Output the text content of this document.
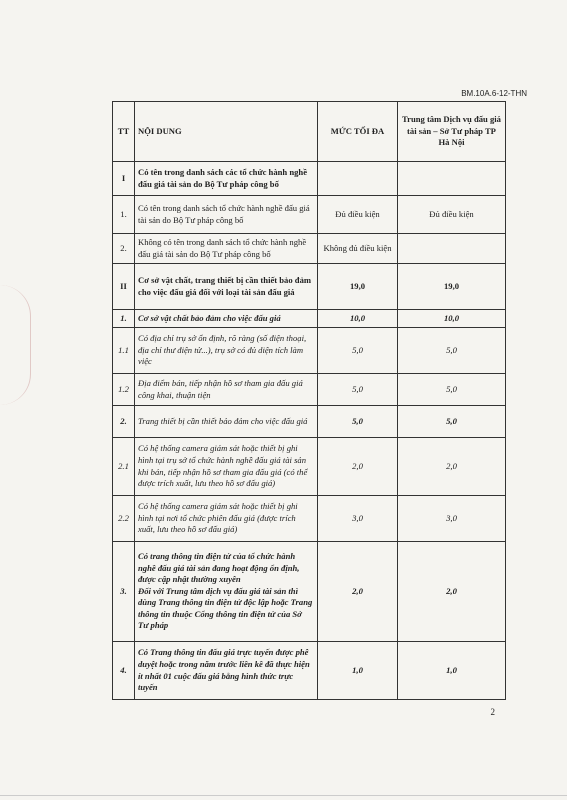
BM.10A.6-12-THN
TT	NỘI DUNG	MỨC TỐI ĐA	Trung tâm Dịch vụ đấu giá tài sản – Sở Tư pháp TP Hà Nội
I	Có tên trong danh sách các tổ chức hành nghề đấu giá tài sản do Bộ Tư pháp công bố		
1.	Có tên trong danh sách tổ chức hành nghề đấu giá tài sản do Bộ Tư pháp công bố	Đủ điều kiện	Đủ điều kiện
2.	Không có tên trong danh sách tổ chức hành nghề đấu giá tài sản do Bộ Tư pháp công bố	Không đủ điều kiện	
II	Cơ sở vật chất, trang thiết bị cần thiết bảo đảm cho việc đấu giá đối với loại tài sản đấu giá	19,0	19,0
1.	Cơ sở vật chất bảo đảm cho việc đấu giá	10,0	10,0
1.1	Có địa chỉ trụ sở ổn định, rõ ràng (số điện thoại, địa chỉ thư điện tử...), trụ sở có đủ diện tích làm việc	5,0	5,0
1.2	Địa điểm bán, tiếp nhận hồ sơ tham gia đấu giá công khai, thuận tiện	5,0	5,0
2.	Trang thiết bị cần thiết bảo đảm cho việc đấu giá	5,0	5,0
2.1	Có hệ thống camera giám sát hoặc thiết bị ghi hình tại trụ sở tổ chức hành nghề đấu giá tài sản khi bán, tiếp nhận hồ sơ tham gia đấu giá (có thể được trích xuất, lưu theo hồ sơ đấu giá)	2,0	2,0
2.2	Có hệ thống camera giám sát hoặc thiết bị ghi hình tại nơi tổ chức phiên đấu giá (được trích xuất, lưu theo hồ sơ đấu giá)	3,0	3,0
3.	Có trang thông tin điện tử của tổ chức hành nghề đấu giá tài sản đang hoạt động ổn định, được cập nhật thường xuyên
Đối với Trung tâm dịch vụ đấu giá tài sản thì dùng Trang thông tin điện tử độc lập hoặc Trang thông tin thuộc Cổng thông tin điện tử của Sở Tư pháp	2,0	2,0
4.	Có Trang thông tin đấu giá trực tuyến được phê duyệt hoặc trong năm trước liền kề đã thực hiện ít nhất 01 cuộc đấu giá bằng hình thức trực tuyến	1,0	1,0
2
